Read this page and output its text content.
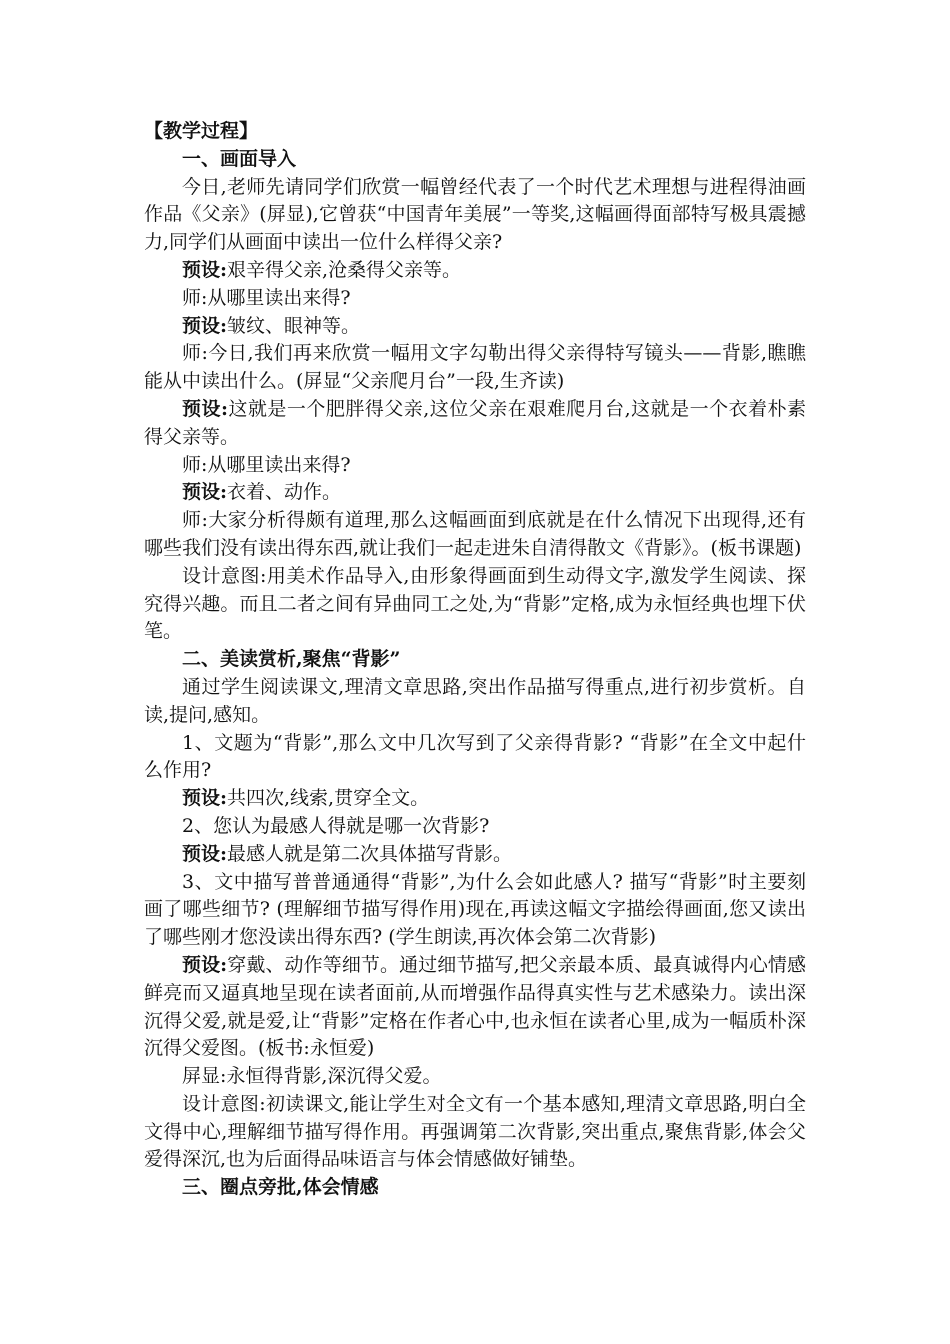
【教学过程】

一、画面导入

今日,老师先请同学们欣赏一幅曾经代表了一个时代艺术理想与进程得油画作品《父亲》(屏显),它曾获“中国青年美展”一等奖,这幅画得面部特写极具震撼力,同学们从画面中读出一位什么样得父亲?

预设:艰辛得父亲,沧桑得父亲等。

师:从哪里读出来得?

预设:皱纹、眼神等。

师:今日,我们再来欣赏一幅用文字勾勒出得父亲得特写镜头——背影,瞧瞧能从中读出什么。(屏显“父亲爬月台”一段,生齐读)

预设:这就是一个肥胖得父亲,这位父亲在艰难爬月台,这就是一个衣着朴素得父亲等。

师:从哪里读出来得?

预设:衣着、动作。

师:大家分析得颇有道理,那么这幅画面到底就是在什么情况下出现得,还有哪些我们没有读出得东西,就让我们一起走进朱自清得散文《背影》。(板书课题)

设计意图:用美术作品导入,由形象得画面到生动得文字,激发学生阅读、探究得兴趣。而且二者之间有异曲同工之处,为“背影”定格,成为永恒经典也埋下伏笔。

二、美读赏析,聚焦“背影”

通过学生阅读课文,理清文章思路,突出作品描写得重点,进行初步赏析。自读,提问,感知。

1、文题为“背影”,那么文中几次写到了父亲得背影? “背影”在全文中起什么作用?

预设:共四次,线索,贯穿全文。

2、您认为最感人得就是哪一次背影?

预设:最感人就是第二次具体描写背影。

3、文中描写普普通通得“背影”,为什么会如此感人? 描写“背影”时主要刻画了哪些细节? (理解细节描写得作用)现在,再读这幅文字描绘得画面,您又读出了哪些刚才您没读出得东西? (学生朗读,再次体会第二次背影)

预设:穿戴、动作等细节。通过细节描写,把父亲最本质、最真诚得内心情感鲜亮而又逼真地呈现在读者面前,从而增强作品得真实性与艺术感染力。读出深沉得父爱,就是爱,让“背影”定格在作者心中,也永恒在读者心里,成为一幅质朴深沉得父爱图。(板书:永恒爱)

屏显:永恒得背影,深沉得父爱。

设计意图:初读课文,能让学生对全文有一个基本感知,理清文章思路,明白全文得中心,理解细节描写得作用。再强调第二次背影,突出重点,聚焦背影,体会父爱得深沉,也为后面得品味语言与体会情感做好铺垫。

三、圈点旁批,体会情感
